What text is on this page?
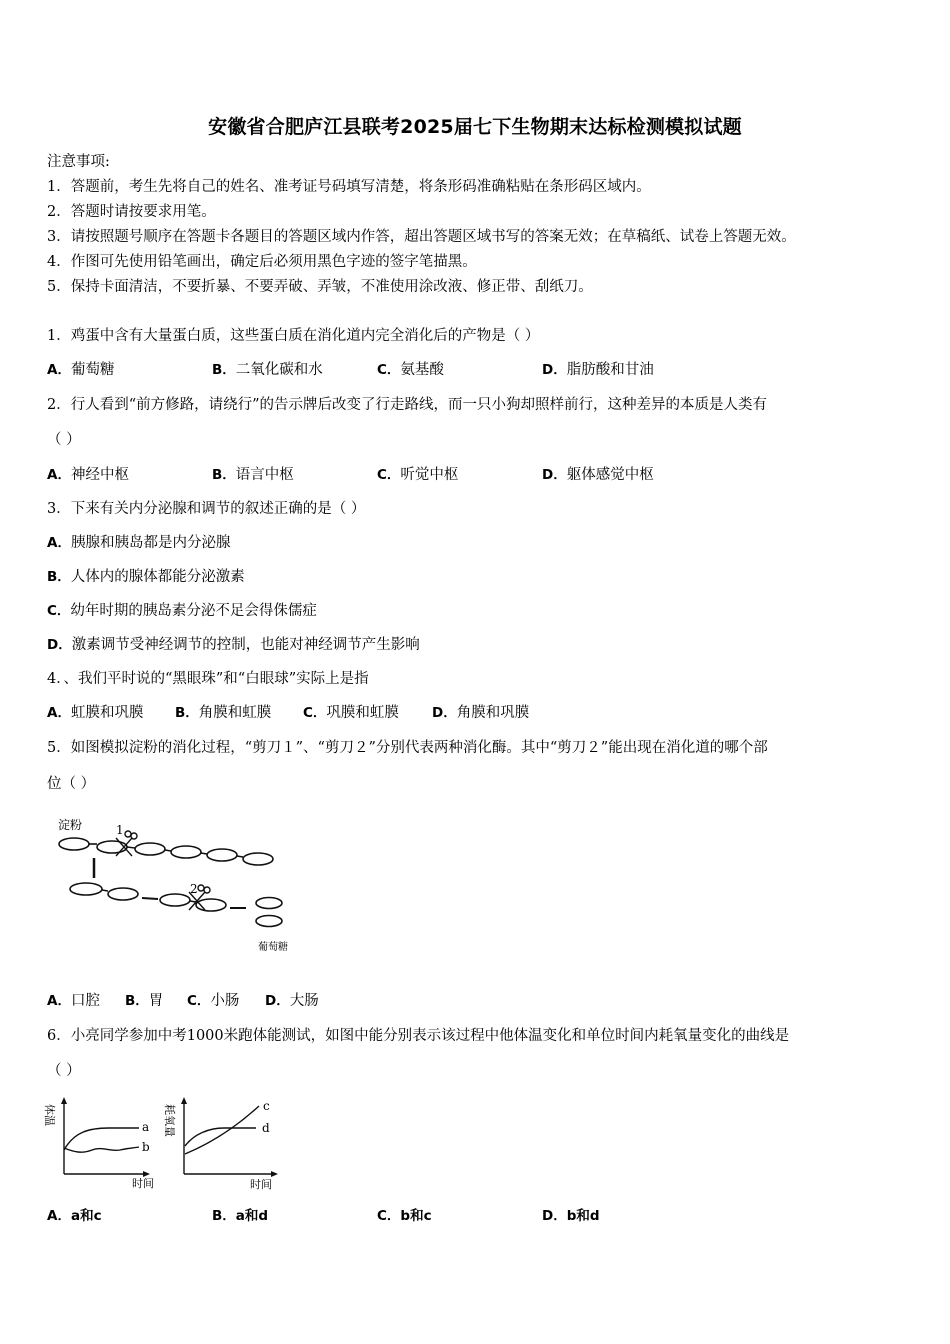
安徽省合肥庐江县联考2025届七下生物期末达标检测模拟试题
注意事项:
1．答题前，考生先将自己的姓名、准考证号码填写清楚，将条形码准确粘贴在条形码区域内。
2．答题时请按要求用笔。
3．请按照题号顺序在答题卡各题目的答题区域内作答，超出答题区域书写的答案无效；在草稿纸、试卷上答题无效。
4．作图可先使用铅笔画出，确定后必须用黑色字迹的签字笔描黑。
5．保持卡面清洁，不要折暴、不要弄破、弄皱，不准使用涂改液、修正带、刮纸刀。
1．鸡蛋中含有大量蛋白质，这些蛋白质在消化道内完全消化后的产物是（ ）
A．葡萄糖	B．二氧化碳和水	C．氨基酸	D．脂肪酸和甘油
2．行人看到“前方修路，请绕行”的告示牌后改变了行走路线，而一只小狗却照样前行，这种差异的本质是人类有
（ ）
A．神经中枢	B．语言中枢	C．听觉中枢	D．躯体感觉中枢
3．下来有关内分泌腺和调节的叙述正确的是（ ）
A．胰腺和胰岛都是内分泌腺
B．人体内的腺体都能分泌激素
C．幼年时期的胰岛素分泌不足会得侏儒症
D．激素调节受神经调节的控制，也能对神经调节产生影响
4．、我们平时说的“黑眼珠”和“白眼球”实际上是指
A．虹膜和巩膜 B．角膜和虹膜 C．巩膜和虹膜 D．角膜和巩膜
5．如图模拟淀粉的消化过程，“剪刀１”、“剪刀２”分别代表两种消化酶。其中“剪刀２”能出现在消化道的哪个部
位（ ）
淀粉	1
2
葡萄糖
A．口腔 B．胃 C．小肠 D．大肠
6．小亮同学参加中考1000米跑体能测试，如图中能分别表示该过程中他体温变化和单位时间内耗氧量变化的曲线是
（ ）
体温
时间
a
b
耗氧量
时间
c
d
A．a和c	B．a和d	C．b和c	D．b和d
